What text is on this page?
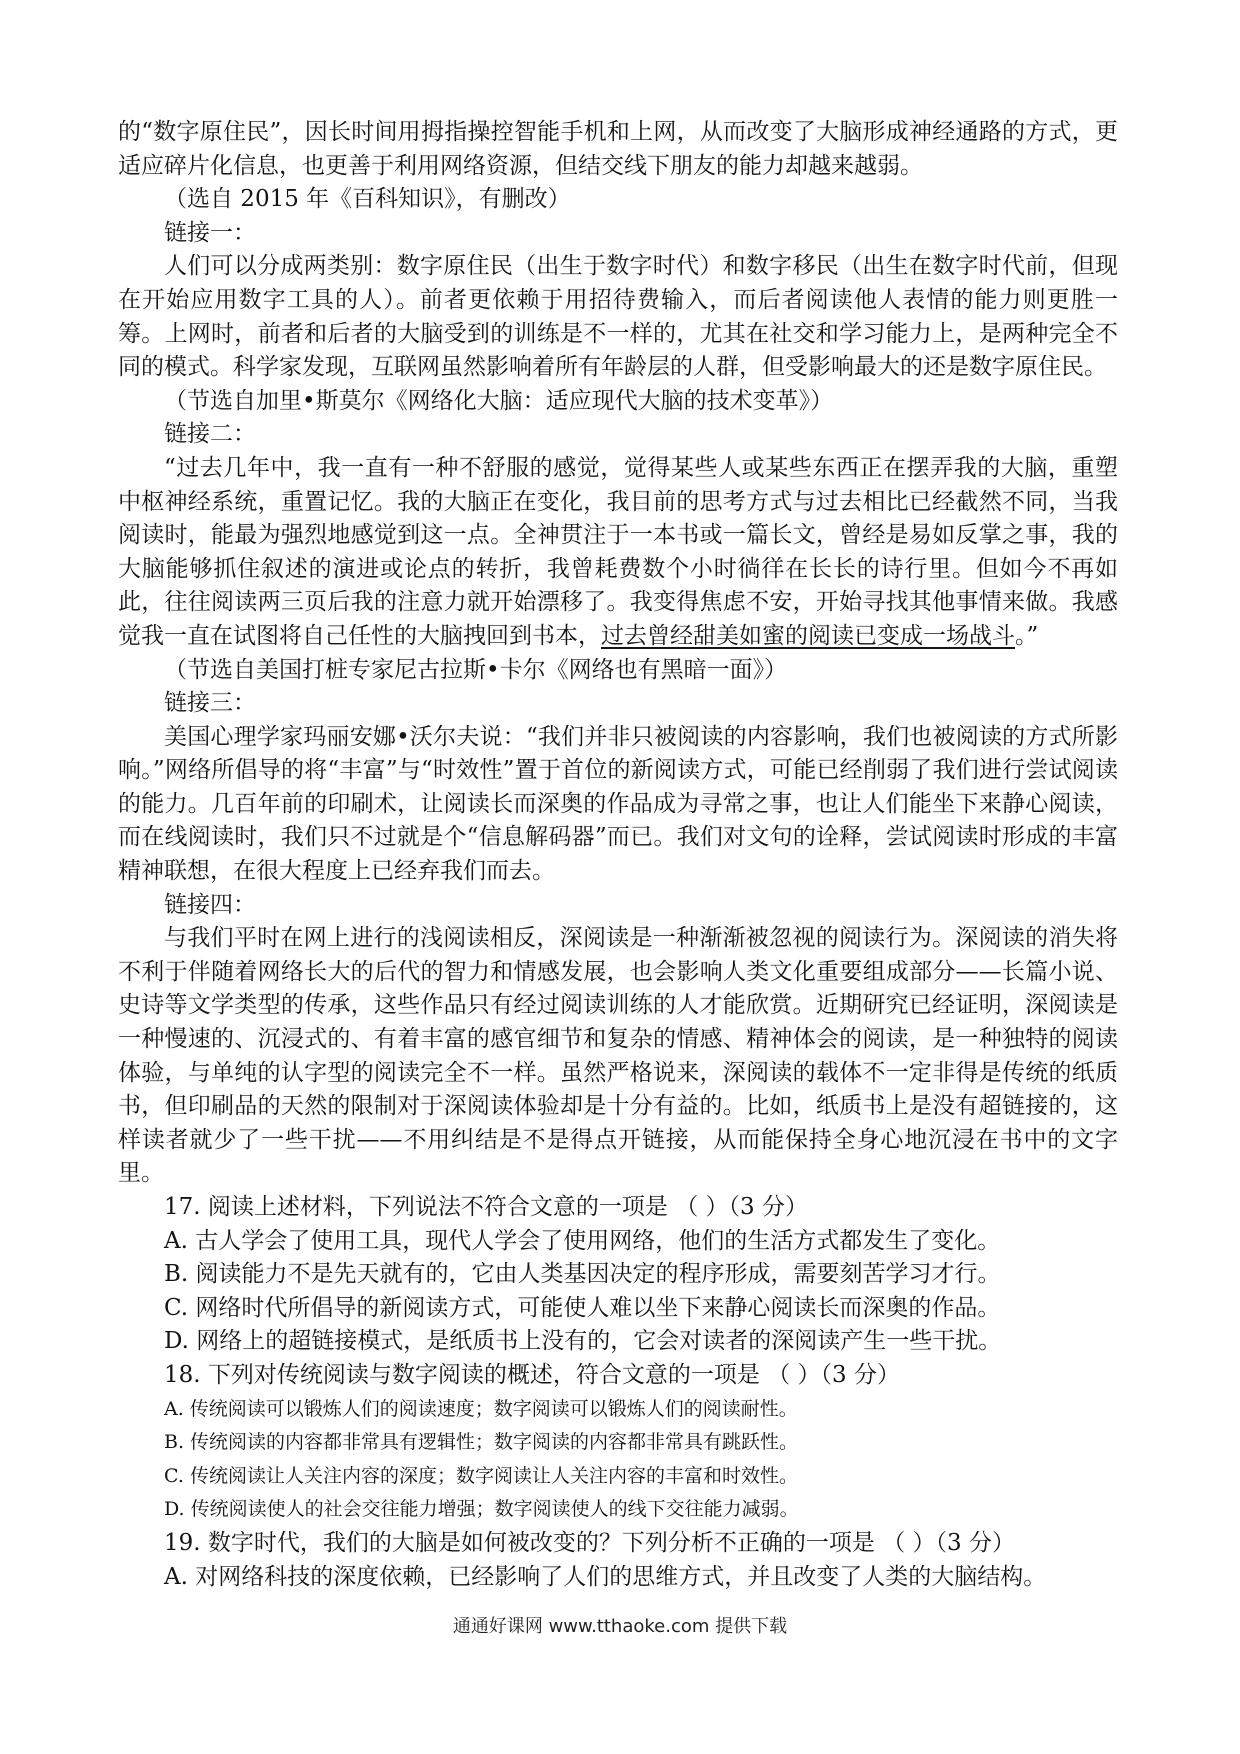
的“数字原住民”，因长时间用拇指操控智能手机和上网，从而改变了大脑形成神经通路的方式，更适应碎片化信息，也更善于利用网络资源，但结交线下朋友的能力却越来越弱。

（选自 2015 年《百科知识》，有删改）

链接一：

人们可以分成两类别：数字原住民（出生于数字时代）和数字移民（出生在数字时代前，但现在开始应用数字工具的人）。前者更依赖于用招待费输入，而后者阅读他人表情的能力则更胜一筹。上网时，前者和后者的大脑受到的训练是不一样的，尤其在社交和学习能力上，是两种完全不同的模式。科学家发现，互联网虽然影响着所有年龄层的人群，但受影响最大的还是数字原住民。

（节选自加里•斯莫尔《网络化大脑：适应现代大脑的技术变革》）

链接二：

“过去几年中，我一直有一种不舒服的感觉，觉得某些人或某些东西正在摆弄我的大脑，重塑中枢神经系统，重置记忆。我的大脑正在变化，我目前的思考方式与过去相比已经截然不同，当我阅读时，能最为强烈地感觉到这一点。全神贯注于一本书或一篇长文，曾经是易如反掌之事，我的大脑能够抓住叙述的演进或论点的转折，我曾耗费数个小时徜徉在长长的诗行里。但如今不再如此，往往阅读两三页后我的注意力就开始漂移了。我变得焦虑不安，开始寻找其他事情来做。我感觉我一直在试图将自己任性的大脑拽回到书本，过去曾经甜美如蜜的阅读已变成一场战斗。”

（节选自美国打桩专家尼古拉斯•卡尔《网络也有黑暗一面》）

链接三：

美国心理学家玛丽安娜•沃尔夫说：“我们并非只被阅读的内容影响，我们也被阅读的方式所影响。”网络所倡导的将“丰富”与“时效性”置于首位的新阅读方式，可能已经削弱了我们进行尝试阅读的能力。几百年前的印刷术，让阅读长而深奥的作品成为寻常之事，也让人们能坐下来静心阅读，而在线阅读时，我们只不过就是个“信息解码器”而已。我们对文句的诠释，尝试阅读时形成的丰富精神联想，在很大程度上已经弃我们而去。

链接四：

与我们平时在网上进行的浅阅读相反，深阅读是一种渐渐被忽视的阅读行为。深阅读的消失将不利于伴随着网络长大的后代的智力和情感发展，也会影响人类文化重要组成部分——长篇小说、史诗等文学类型的传承，这些作品只有经过阅读训练的人才能欣赏。近期研究已经证明，深阅读是一种慢速的、沉浸式的、有着丰富的感官细节和复杂的情感、精神体会的阅读，是一种独特的阅读体验，与单纯的认字型的阅读完全不一样。虽然严格说来，深阅读的载体不一定非得是传统的纸质书，但印刷品的天然的限制对于深阅读体验却是十分有益的。比如，纸质书上是没有超链接的，这样读者就少了一些干扰——不用纠结是不是得点开链接，从而能保持全身心地沉浸在书中的文字里。

17. 阅读上述材料，下列说法不符合文意的一项是 （ ）（3 分）

A. 古人学会了使用工具，现代人学会了使用网络，他们的生活方式都发生了变化。

B. 阅读能力不是先天就有的，它由人类基因决定的程序形成，需要刻苦学习才行。

C. 网络时代所倡导的新阅读方式，可能使人难以坐下来静心阅读长而深奥的作品。

D. 网络上的超链接模式，是纸质书上没有的，它会对读者的深阅读产生一些干扰。

18. 下列对传统阅读与数字阅读的概述，符合文意的一项是 （ ）（3 分）

A. 传统阅读可以锻炼人们的阅读速度；数字阅读可以锻炼人们的阅读耐性。

B. 传统阅读的内容都非常具有逻辑性；数字阅读的内容都非常具有跳跃性。

C. 传统阅读让人关注内容的深度；数字阅读让人关注内容的丰富和时效性。

D. 传统阅读使人的社会交往能力增强；数字阅读使人的线下交往能力减弱。

19. 数字时代，我们的大脑是如何被改变的？下列分析不正确的一项是 （ ）（3 分）

A. 对网络科技的深度依赖，已经影响了人们的思维方式，并且改变了人类的大脑结构。

通通好课网 www.tthaoke.com 提供下载
